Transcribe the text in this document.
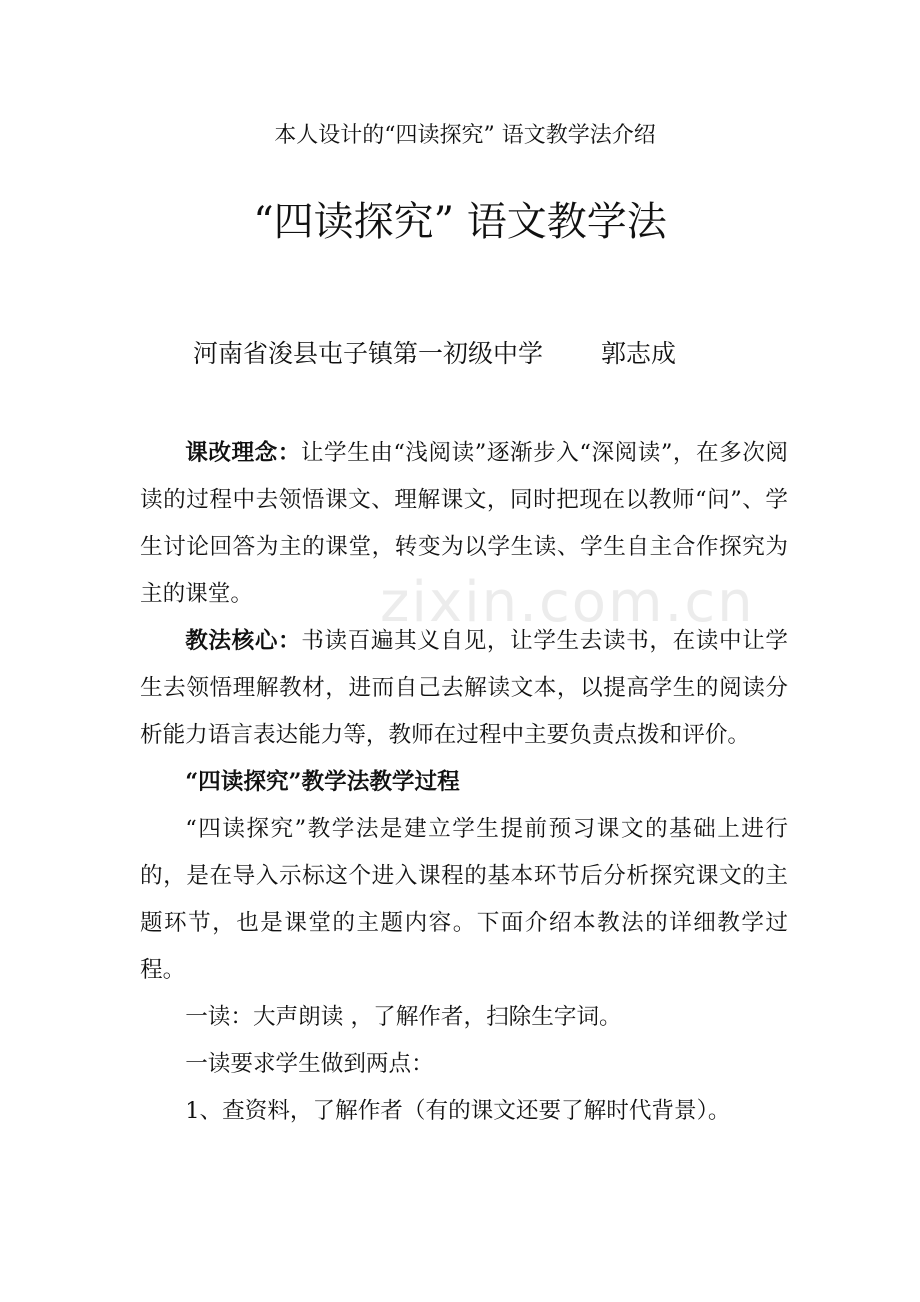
本人设计的“四读探究” 语文教学法介绍
“四读探究” 语文教学法
河南省浚县屯子镇第一初级中学 郭志成

课改理念：让学生由“浅阅读”逐渐步入“深阅读”，在多次阅读的过程中去领悟课文、理解课文，同时把现在以教师“问”、学生讨论回答为主的课堂，转变为以学生读、学生自主合作探究为主的课堂。

教法核心：书读百遍其义自见，让学生去读书，在读中让学生去领悟理解教材，进而自己去解读文本，以提高学生的阅读分析能力语言表达能力等，教师在过程中主要负责点拨和评价。

“四读探究”教学法教学过程

“四读探究”教学法是建立学生提前预习课文的基础上进行的，是在导入示标这个进入课程的基本环节后分析探究课文的主题环节，也是课堂的主题内容。下面介绍本教法的详细教学过程。

一读：大声朗读 ，了解作者，扫除生字词。

一读要求学生做到两点：

1、查资料，了解作者（有的课文还要了解时代背景）。

zixin.com.cn
